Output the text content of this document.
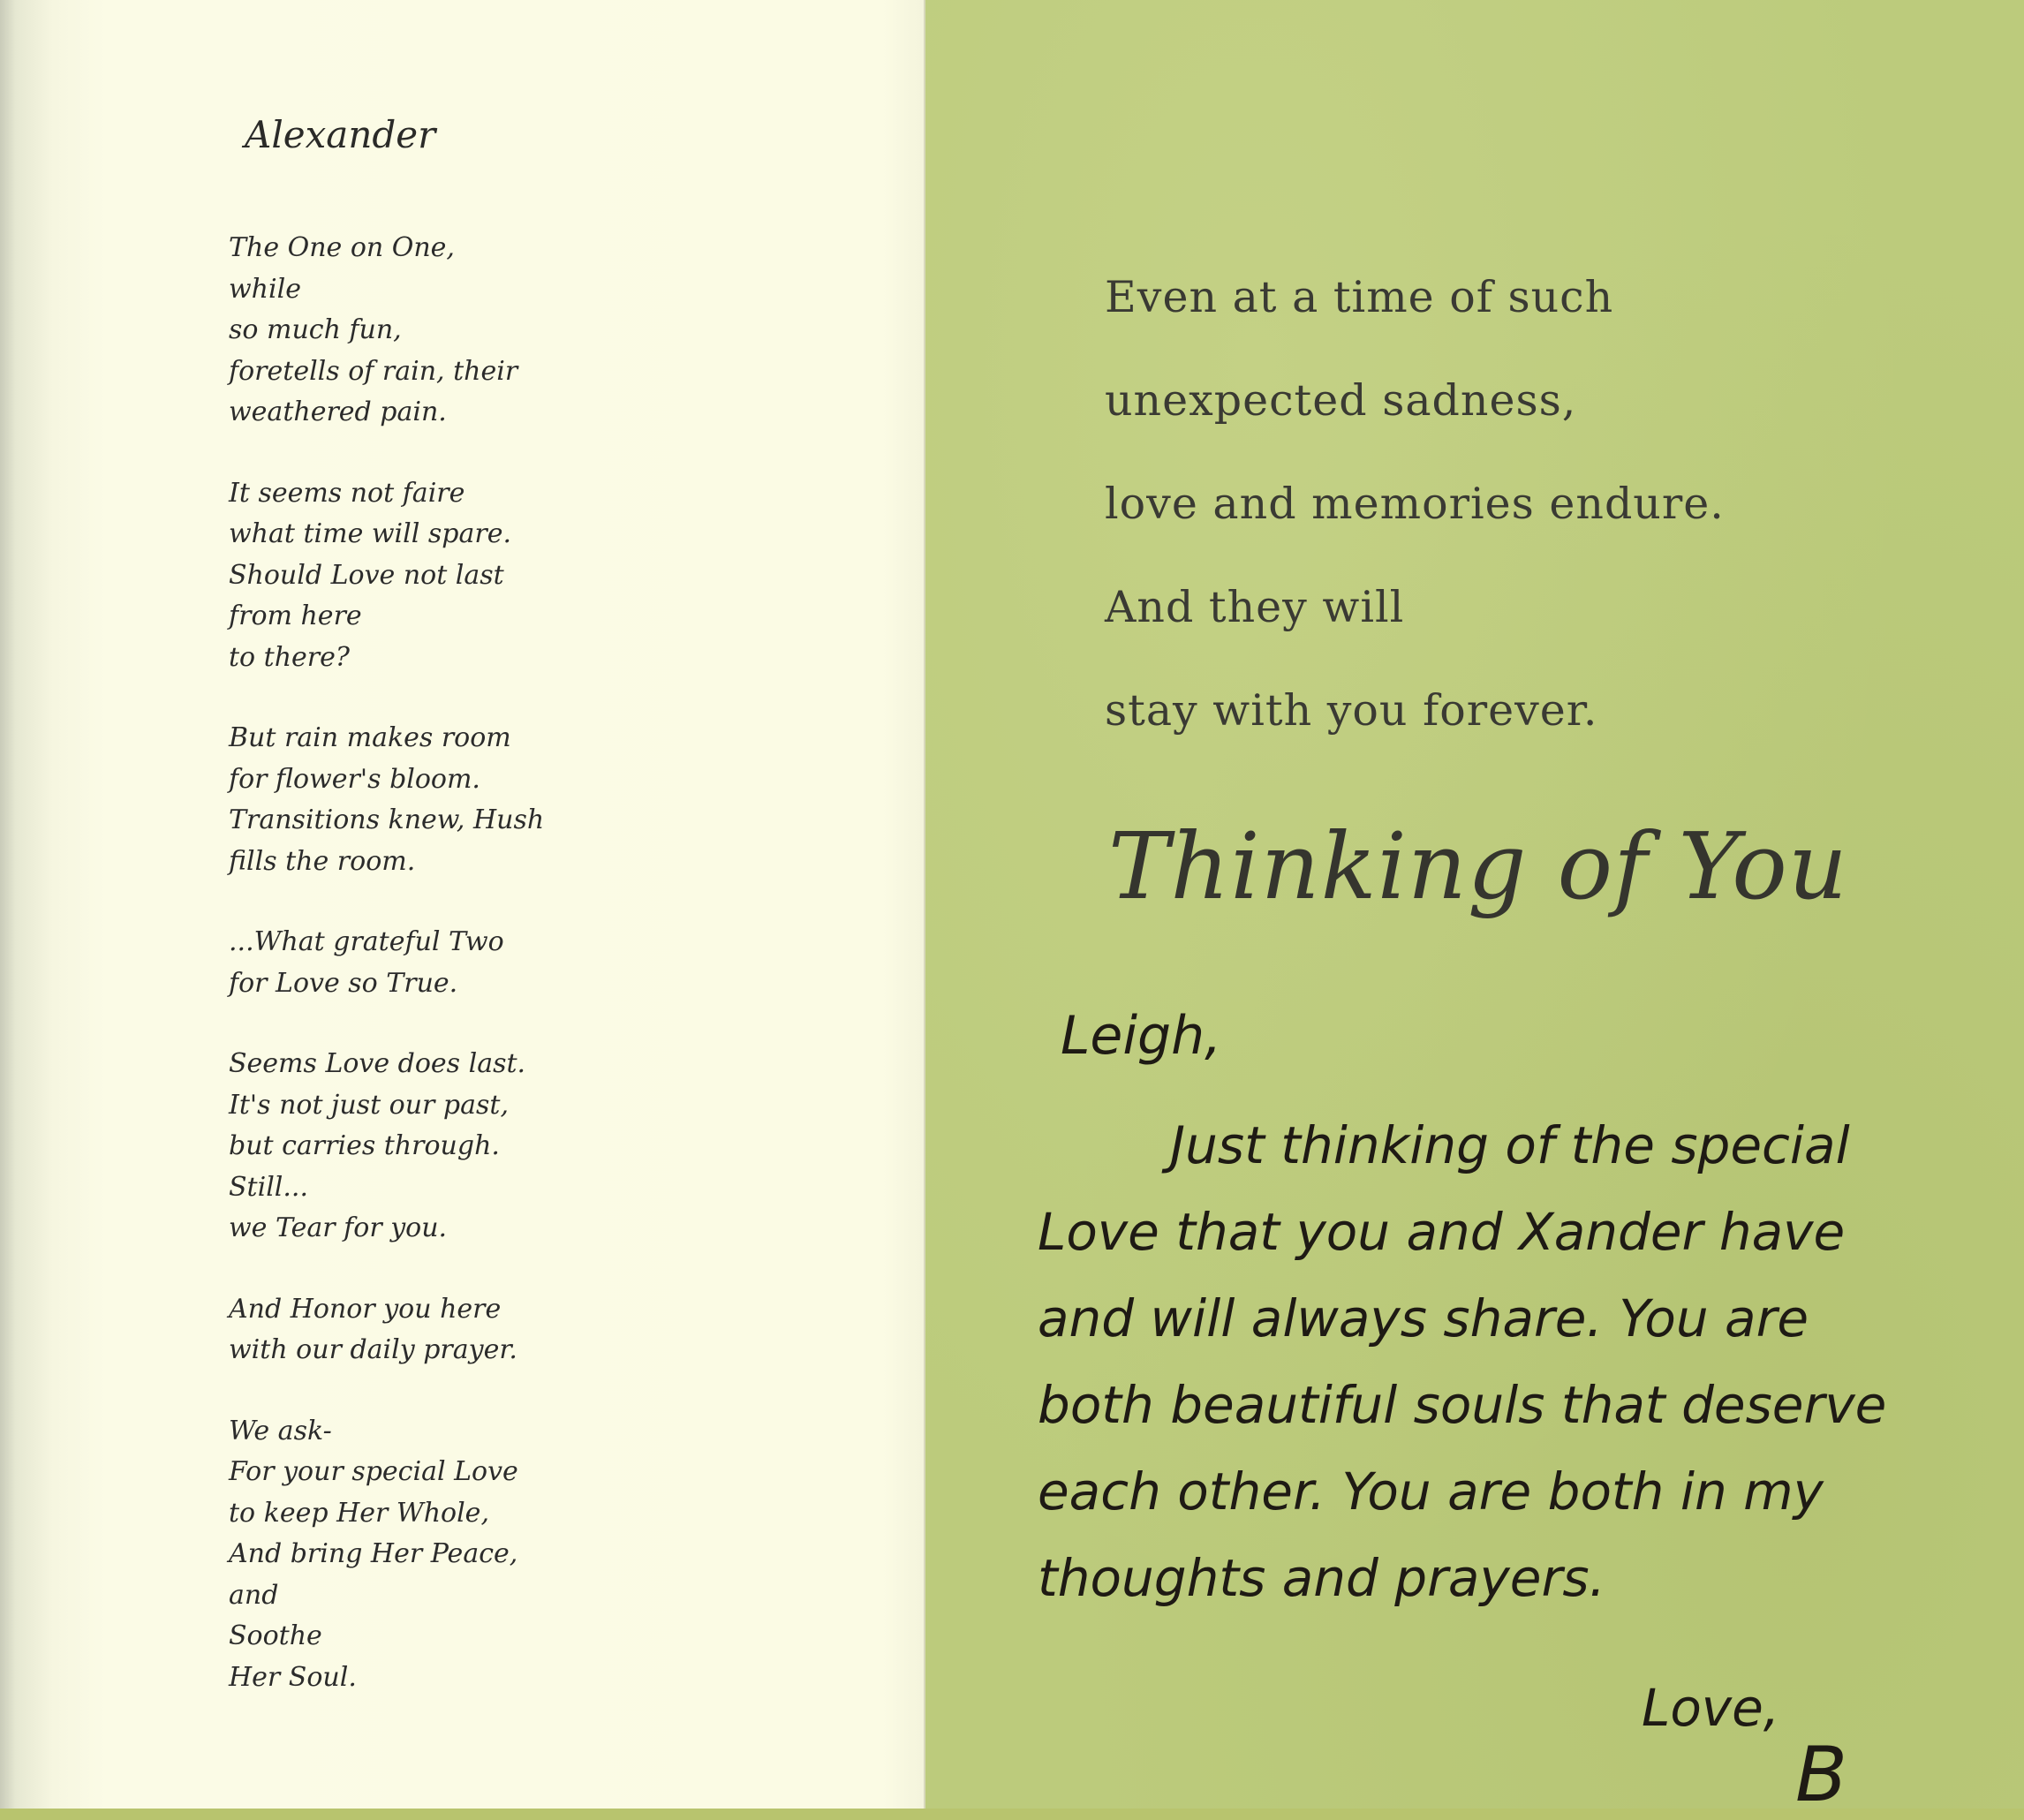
Alexander
The One on One,
while
so much fun,
foretells of rain, their
weathered pain.
It seems not faire
what time will spare.
Should Love not last
from here
to there?
But rain makes room
for flower's bloom.
Transitions knew, Hush
fills the room.
...What grateful Two
for Love so True.
Seems Love does last.
It's not just our past,
but carries through.
Still...
we Tear for you.
And Honor you here
with our daily prayer.
We ask-
For your special Love
to keep Her Whole,
And bring Her Peace,
and
Soothe
Her Soul.
Even at a time of such
unexpected sadness,
love and memories endure.
And they will
stay with you forever.
Thinking of You
Leigh,
Just thinking of the special
Love that you and Xander have
and will always share. You are
both beautiful souls that deserve
each other. You are both in my
thoughts and prayers.
Love,
B
